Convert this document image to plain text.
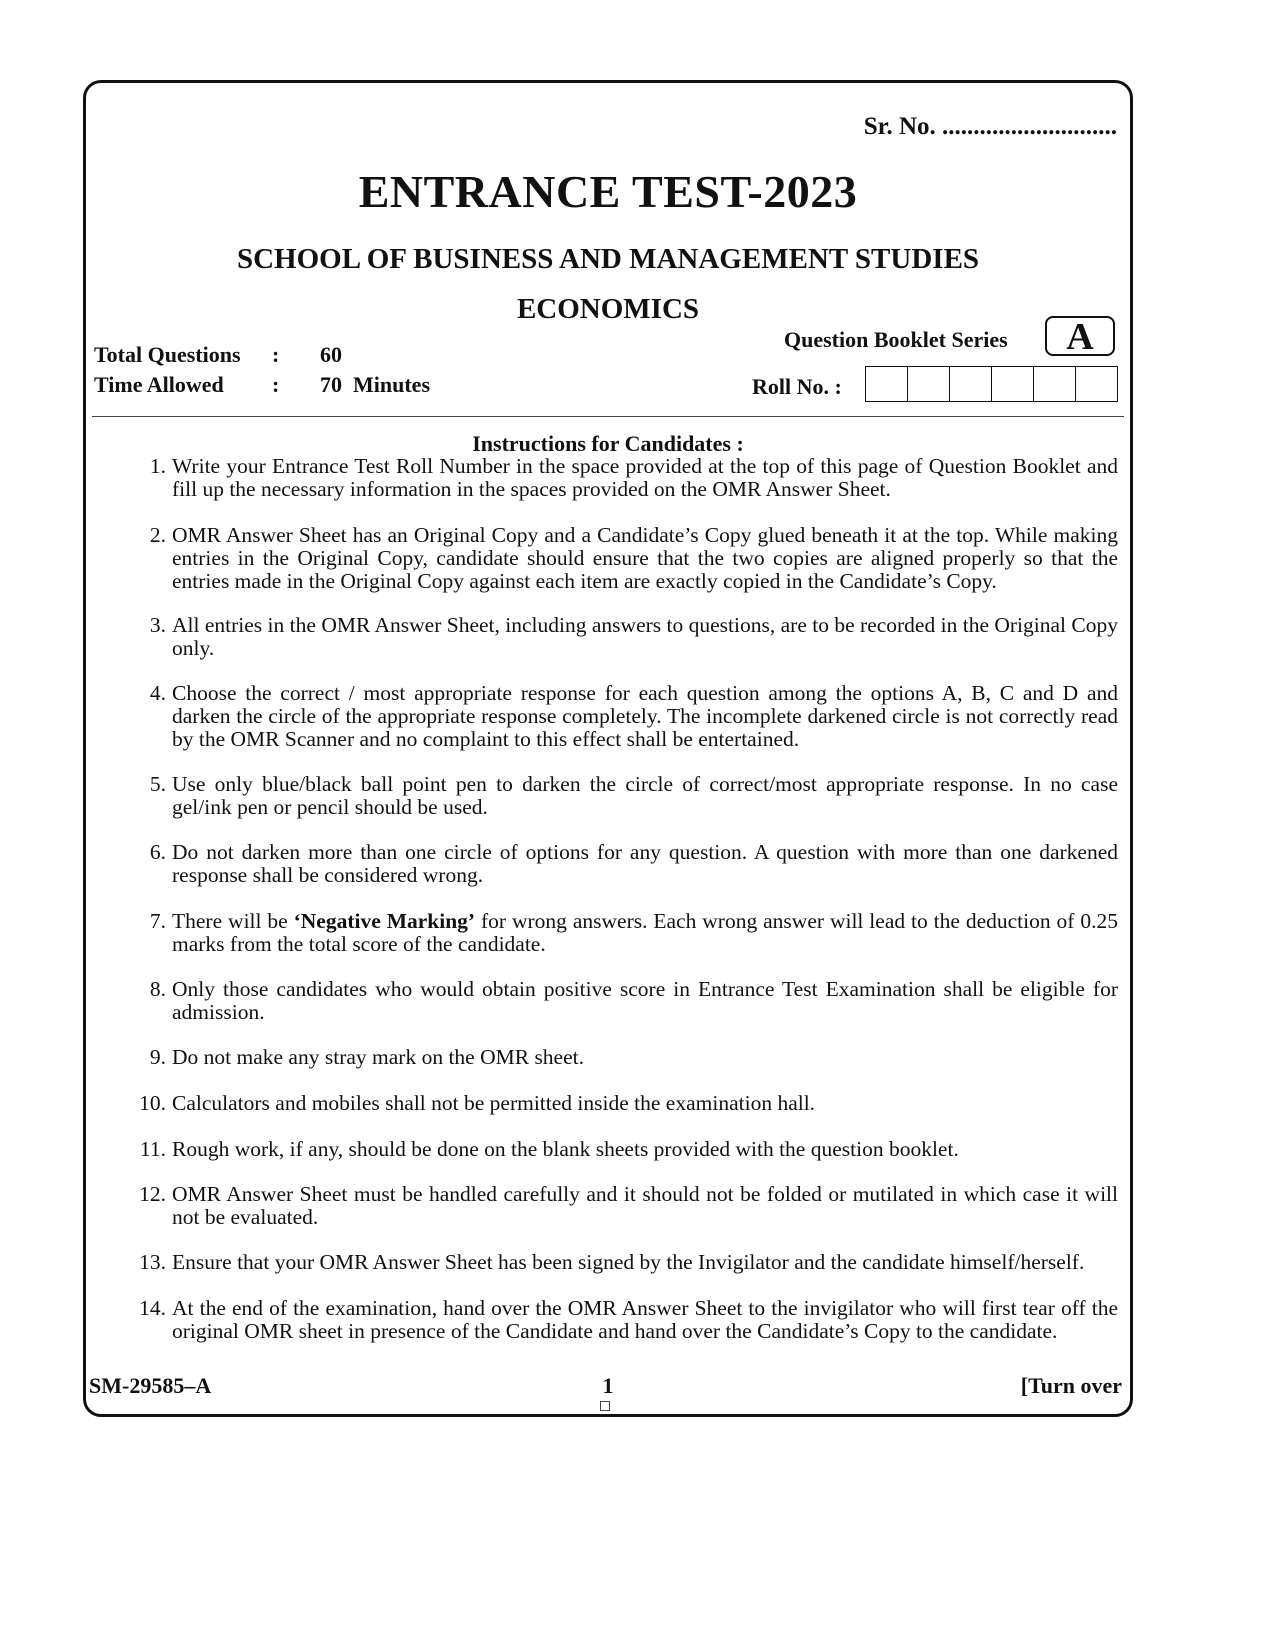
Sr. No. ............................
ENTRANCE TEST-2023
SCHOOL OF BUSINESS AND MANAGEMENT STUDIES
ECONOMICS
Question Booklet Series	A
Total Questions : 60
Time Allowed : 70  Minutes	Roll No. :
Instructions for Candidates :
1. Write your Entrance Test Roll Number in the space provided at the top of this page of Question Booklet and fill up the necessary information in the spaces provided on the OMR Answer Sheet.
2. OMR Answer Sheet has an Original Copy and a Candidate’s Copy glued beneath it at the top. While making entries in the Original Copy, candidate should ensure that the two copies are aligned properly so that the entries made in the Original Copy against each item are exactly copied in the Candidate’s Copy.
3. All entries in the OMR Answer Sheet, including answers to questions, are to be recorded in the Original Copy only.
4. Choose the correct / most appropriate response for each question among the options A, B, C and D and darken the circle of the appropriate response completely. The incomplete darkened circle is not correctly read by the OMR Scanner and no complaint to this effect shall be entertained.
5. Use only blue/black ball point pen to darken the circle of correct/most appropriate response. In no case gel/ink pen or pencil should be used.
6. Do not darken more than one circle of options for any question. A question with more than one darkened response shall be considered wrong.
7. There will be ‘Negative Marking’ for wrong answers. Each wrong answer will lead to the deduction of 0.25 marks from the total score of the candidate.
8. Only those candidates who would obtain positive score in Entrance Test Examination shall be eligible for admission.
9. Do not make any stray mark on the OMR sheet.
10. Calculators and mobiles shall not be permitted inside the examination hall.
11. Rough work, if any, should be done on the blank sheets provided with the question booklet.
12. OMR Answer Sheet must be handled carefully and it should not be folded or mutilated in which case it will not be evaluated.
13. Ensure that your OMR Answer Sheet has been signed by the Invigilator and the candidate himself/herself.
14. At the end of the examination, hand over the OMR Answer Sheet to the invigilator who will first tear off the original OMR sheet in presence of the Candidate and hand over the Candidate’s Copy to the candidate.
SM-29585–A	1	[Turn over
